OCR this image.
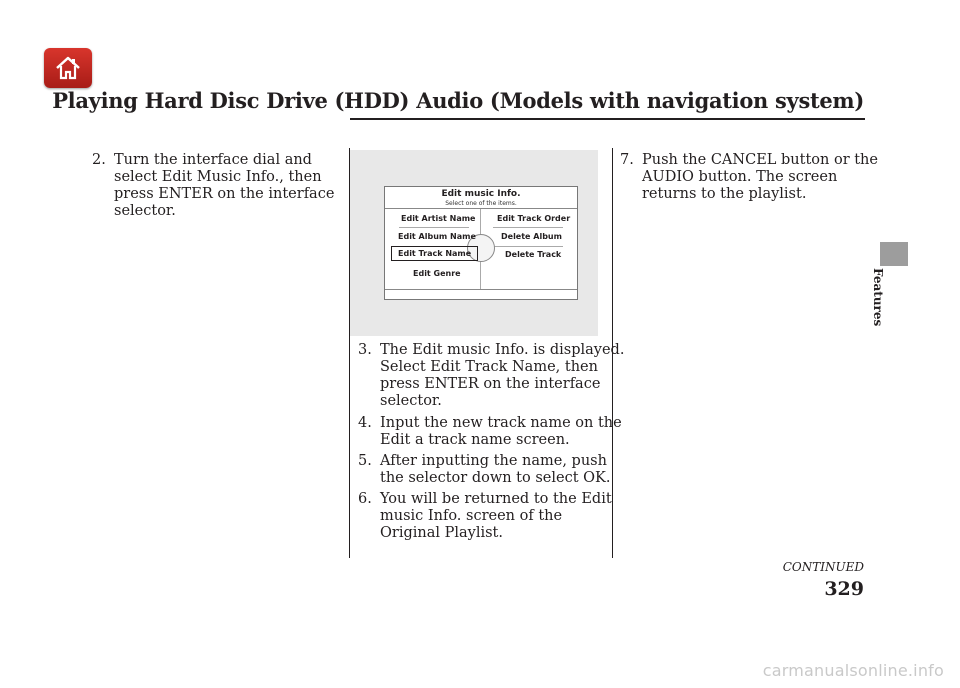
Playing Hard Disc Drive (HDD) Audio (Models with navigation system)
Features

2. Turn the interface dial and select Edit Music Info., then press ENTER on the interface selector.

Edit music Info.
Select one of the items.
Edit Artist Name
Edit Album Name
Edit Track Name
Edit Genre
Edit Track Order
Delete Album
Delete Track

3. The Edit music Info. is displayed. Select Edit Track Name, then press ENTER on the interface selector.

4. Input the new track name on the Edit a track name screen.

5. After inputting the name, push the selector down to select OK.

6. You will be returned to the Edit music Info. screen of the Original Playlist.

7. Push the CANCEL button or the AUDIO button. The screen returns to the playlist.

CONTINUED
329
carmanualsonline.info
